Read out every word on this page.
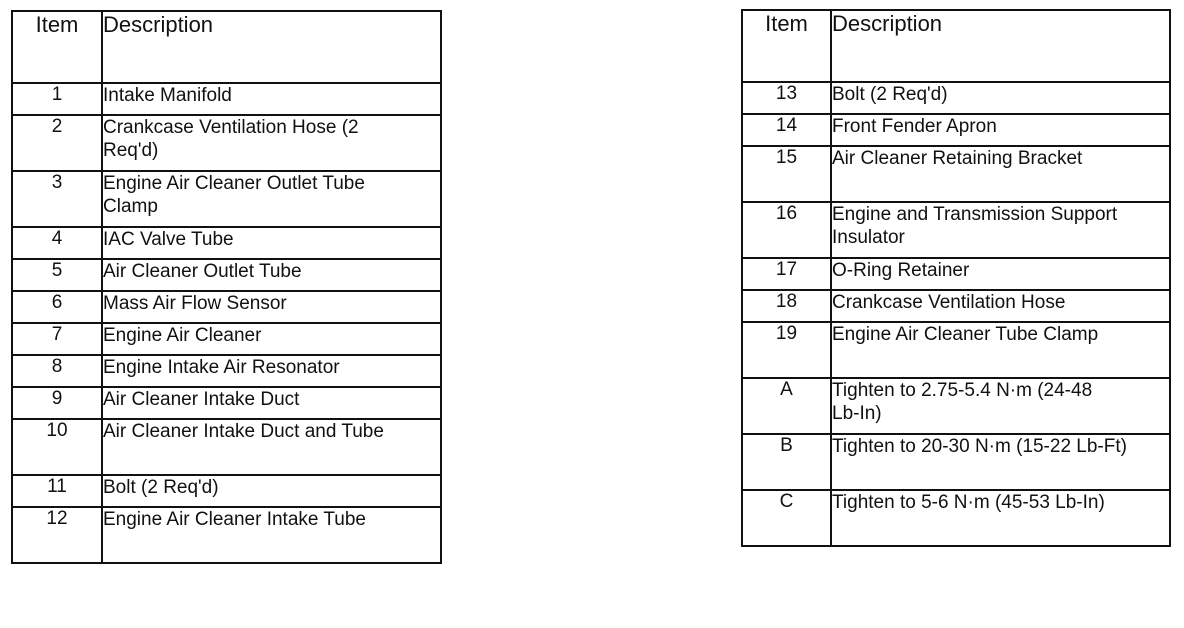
Item	Description
1	Intake Manifold
2	Crankcase Ventilation Hose (2 Req'd)
3	Engine Air Cleaner Outlet Tube Clamp
4	IAC Valve Tube
5	Air Cleaner Outlet Tube
6	Mass Air Flow Sensor
7	Engine Air Cleaner
8	Engine Intake Air Resonator
9	Air Cleaner Intake Duct
10	Air Cleaner Intake Duct and Tube
11	Bolt (2 Req'd)
12	Engine Air Cleaner Intake Tube
Item	Description
13	Bolt (2 Req'd)
14	Front Fender Apron
15	Air Cleaner Retaining Bracket
16	Engine and Transmission Support Insulator
17	O-Ring Retainer
18	Crankcase Ventilation Hose
19	Engine Air Cleaner Tube Clamp
A	Tighten to 2.75-5.4 N·m (24-48 Lb-In)
B	Tighten to 20-30 N·m (15-22 Lb-Ft)
C	Tighten to 5-6 N·m (45-53 Lb-In)
